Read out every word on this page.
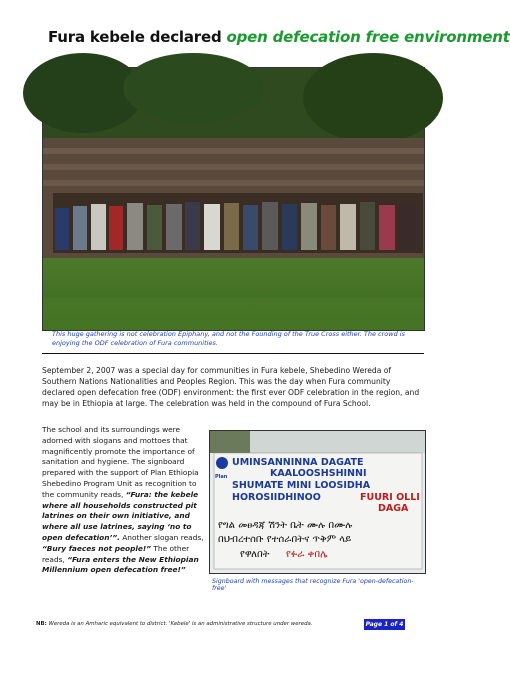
Fura kebele declared open defecation free environment
This huge gathering is not celebration Epiphany, and not the Founding of the True Cross either. The crowd is enjoying the ODF celebration of Fura communities.
September 2, 2007 was a special day for communities in Fura kebele, Shebedino Wereda of Southern Nations Nationalities and Peoples Region. This was the day when Fura community declared open defecation free (ODF) environment: the first ever ODF celebration in the region, and may be in Ethiopia at large. The celebration was held in the compound of Fura School.
The school and its surroundings were adorned with slogans and mottoes that magnificently promote the importance of sanitation and hygiene. The signboard prepared with the support of Plan Ethiopia Shebedino Program Unit as recognition to the community reads, “Fura: the kebele where all households constructed pit latrines on their own initiative, and where all use latrines, saying ‘no to open defecation’”. Another slogan reads, “Bury faeces not people!” The other reads, “Fura enters the New Ethiopian Millennium open defecation free!”
Plan
UMINSANNINNA DAGATE
KAALOOSHSHINNI
SHUMATE MINI LOOSIDHA
HOROSIIDHINOO	FUURI OLLI
DAGA
የግል መፀዳጃ ሽንት ቤት ሙሉ በሙሉ
በህብረተሰቡ የተሰራበትና ጥቅም ላይ
የዋለበት የፉራ ቀበሌ
Signboard with messages that recognize Fura 'open-defecation-free'
NB: Wereda is an Amharic equivalent to district. 'Kebele' is an administrative structure under wereda.	Page 1 of 4
